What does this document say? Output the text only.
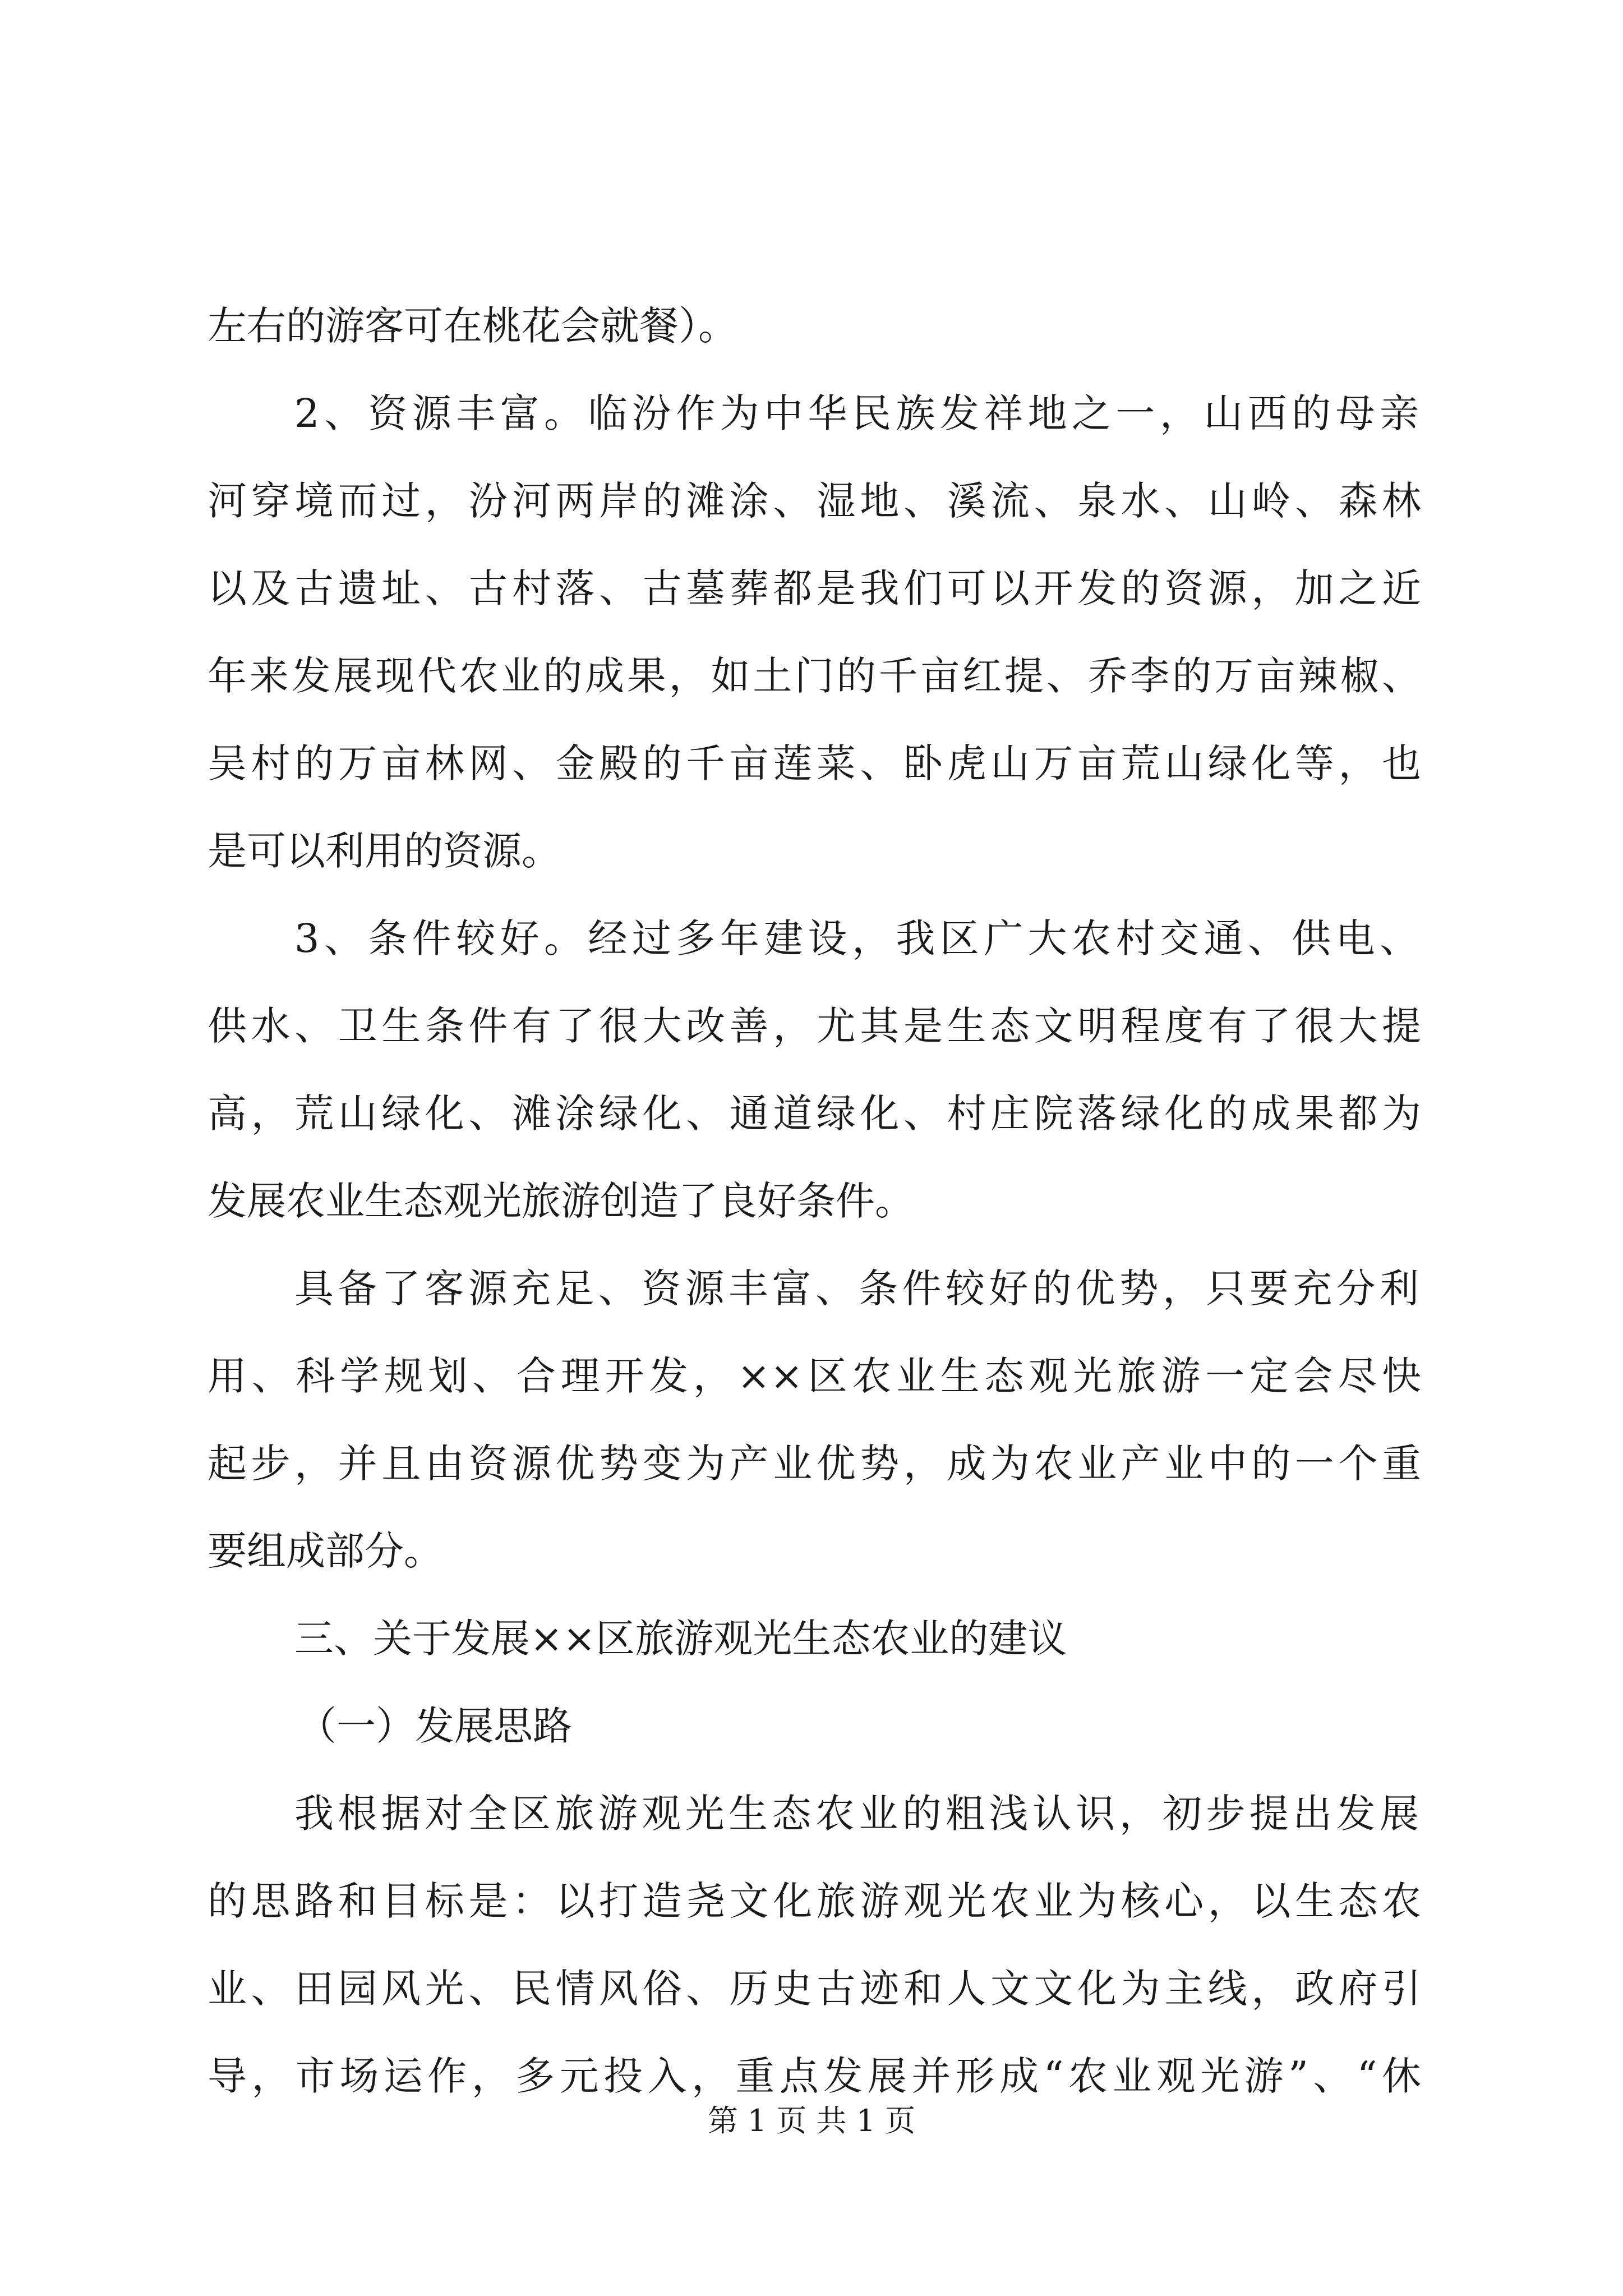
左右的游客可在桃花会就餐）。
2、资源丰富。临汾作为中华民族发祥地之一，山西的母亲
河穿境而过，汾河两岸的滩涂、湿地、溪流、泉水、山岭、森林
以及古遗址、古村落、古墓葬都是我们可以开发的资源，加之近
年来发展现代农业的成果，如土门的千亩红提、乔李的万亩辣椒、
吴村的万亩林网、金殿的千亩莲菜、卧虎山万亩荒山绿化等，也
是可以利用的资源。
3、条件较好。经过多年建设，我区广大农村交通、供电、
供水、卫生条件有了很大改善，尤其是生态文明程度有了很大提
高，荒山绿化、滩涂绿化、通道绿化、村庄院落绿化的成果都为
发展农业生态观光旅游创造了良好条件。
具备了客源充足、资源丰富、条件较好的优势，只要充分利
用、科学规划、合理开发，××区农业生态观光旅游一定会尽快
起步，并且由资源优势变为产业优势，成为农业产业中的一个重
要组成部分。
三、关于发展××区旅游观光生态农业的建议
（一）发展思路
我根据对全区旅游观光生态农业的粗浅认识，初步提出发展
的思路和目标是：以打造尧文化旅游观光农业为核心，以生态农
业、田园风光、民情风俗、历史古迹和人文文化为主线，政府引
导，市场运作，多元投入，重点发展并形成“农业观光游”、“休
第 1 页 共 1 页
